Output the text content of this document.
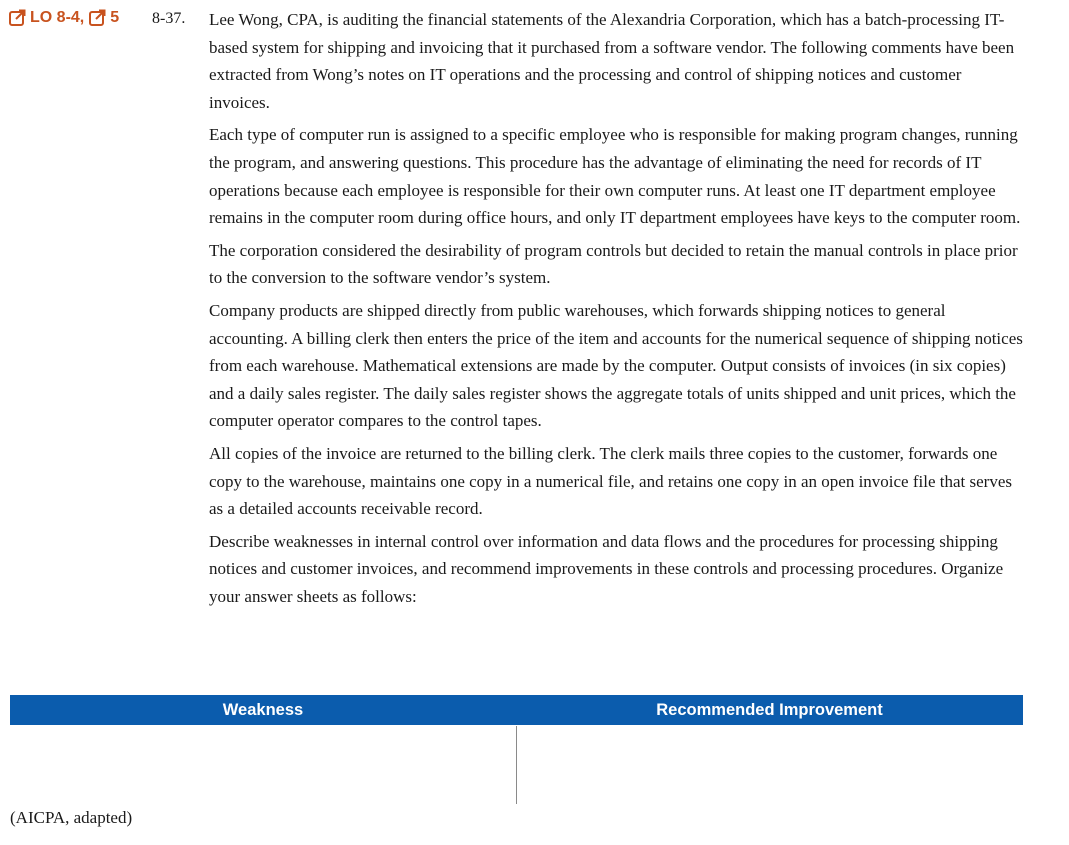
LO 8-4, 5 8-37. Lee Wong, CPA, is auditing the financial statements of the Alexandria Corporation, which has a batch-processing IT-based system for shipping and invoicing that it purchased from a software vendor. The following comments have been extracted from Wong’s notes on IT operations and the processing and control of shipping notices and customer invoices.

Each type of computer run is assigned to a specific employee who is responsible for making program changes, running the program, and answering questions. This procedure has the advantage of eliminating the need for records of IT operations because each employee is responsible for their own computer runs. At least one IT department employee remains in the computer room during office hours, and only IT department employees have keys to the computer room.

The corporation considered the desirability of program controls but decided to retain the manual controls in place prior to the conversion to the software vendor’s system.

Company products are shipped directly from public warehouses, which forwards shipping notices to general accounting. A billing clerk then enters the price of the item and accounts for the numerical sequence of shipping notices from each warehouse. Mathematical extensions are made by the computer. Output consists of invoices (in six copies) and a daily sales register. The daily sales register shows the aggregate totals of units shipped and unit prices, which the computer operator compares to the control tapes.

All copies of the invoice are returned to the billing clerk. The clerk mails three copies to the customer, forwards one copy to the warehouse, maintains one copy in a numerical file, and retains one copy in an open invoice file that serves as a detailed accounts receivable record.

Describe weaknesses in internal control over information and data flows and the procedures for processing shipping notices and customer invoices, and recommend improvements in these controls and processing procedures. Organize your answer sheets as follows:

Weakness	Recommended Improvement
(AICPA, adapted)
